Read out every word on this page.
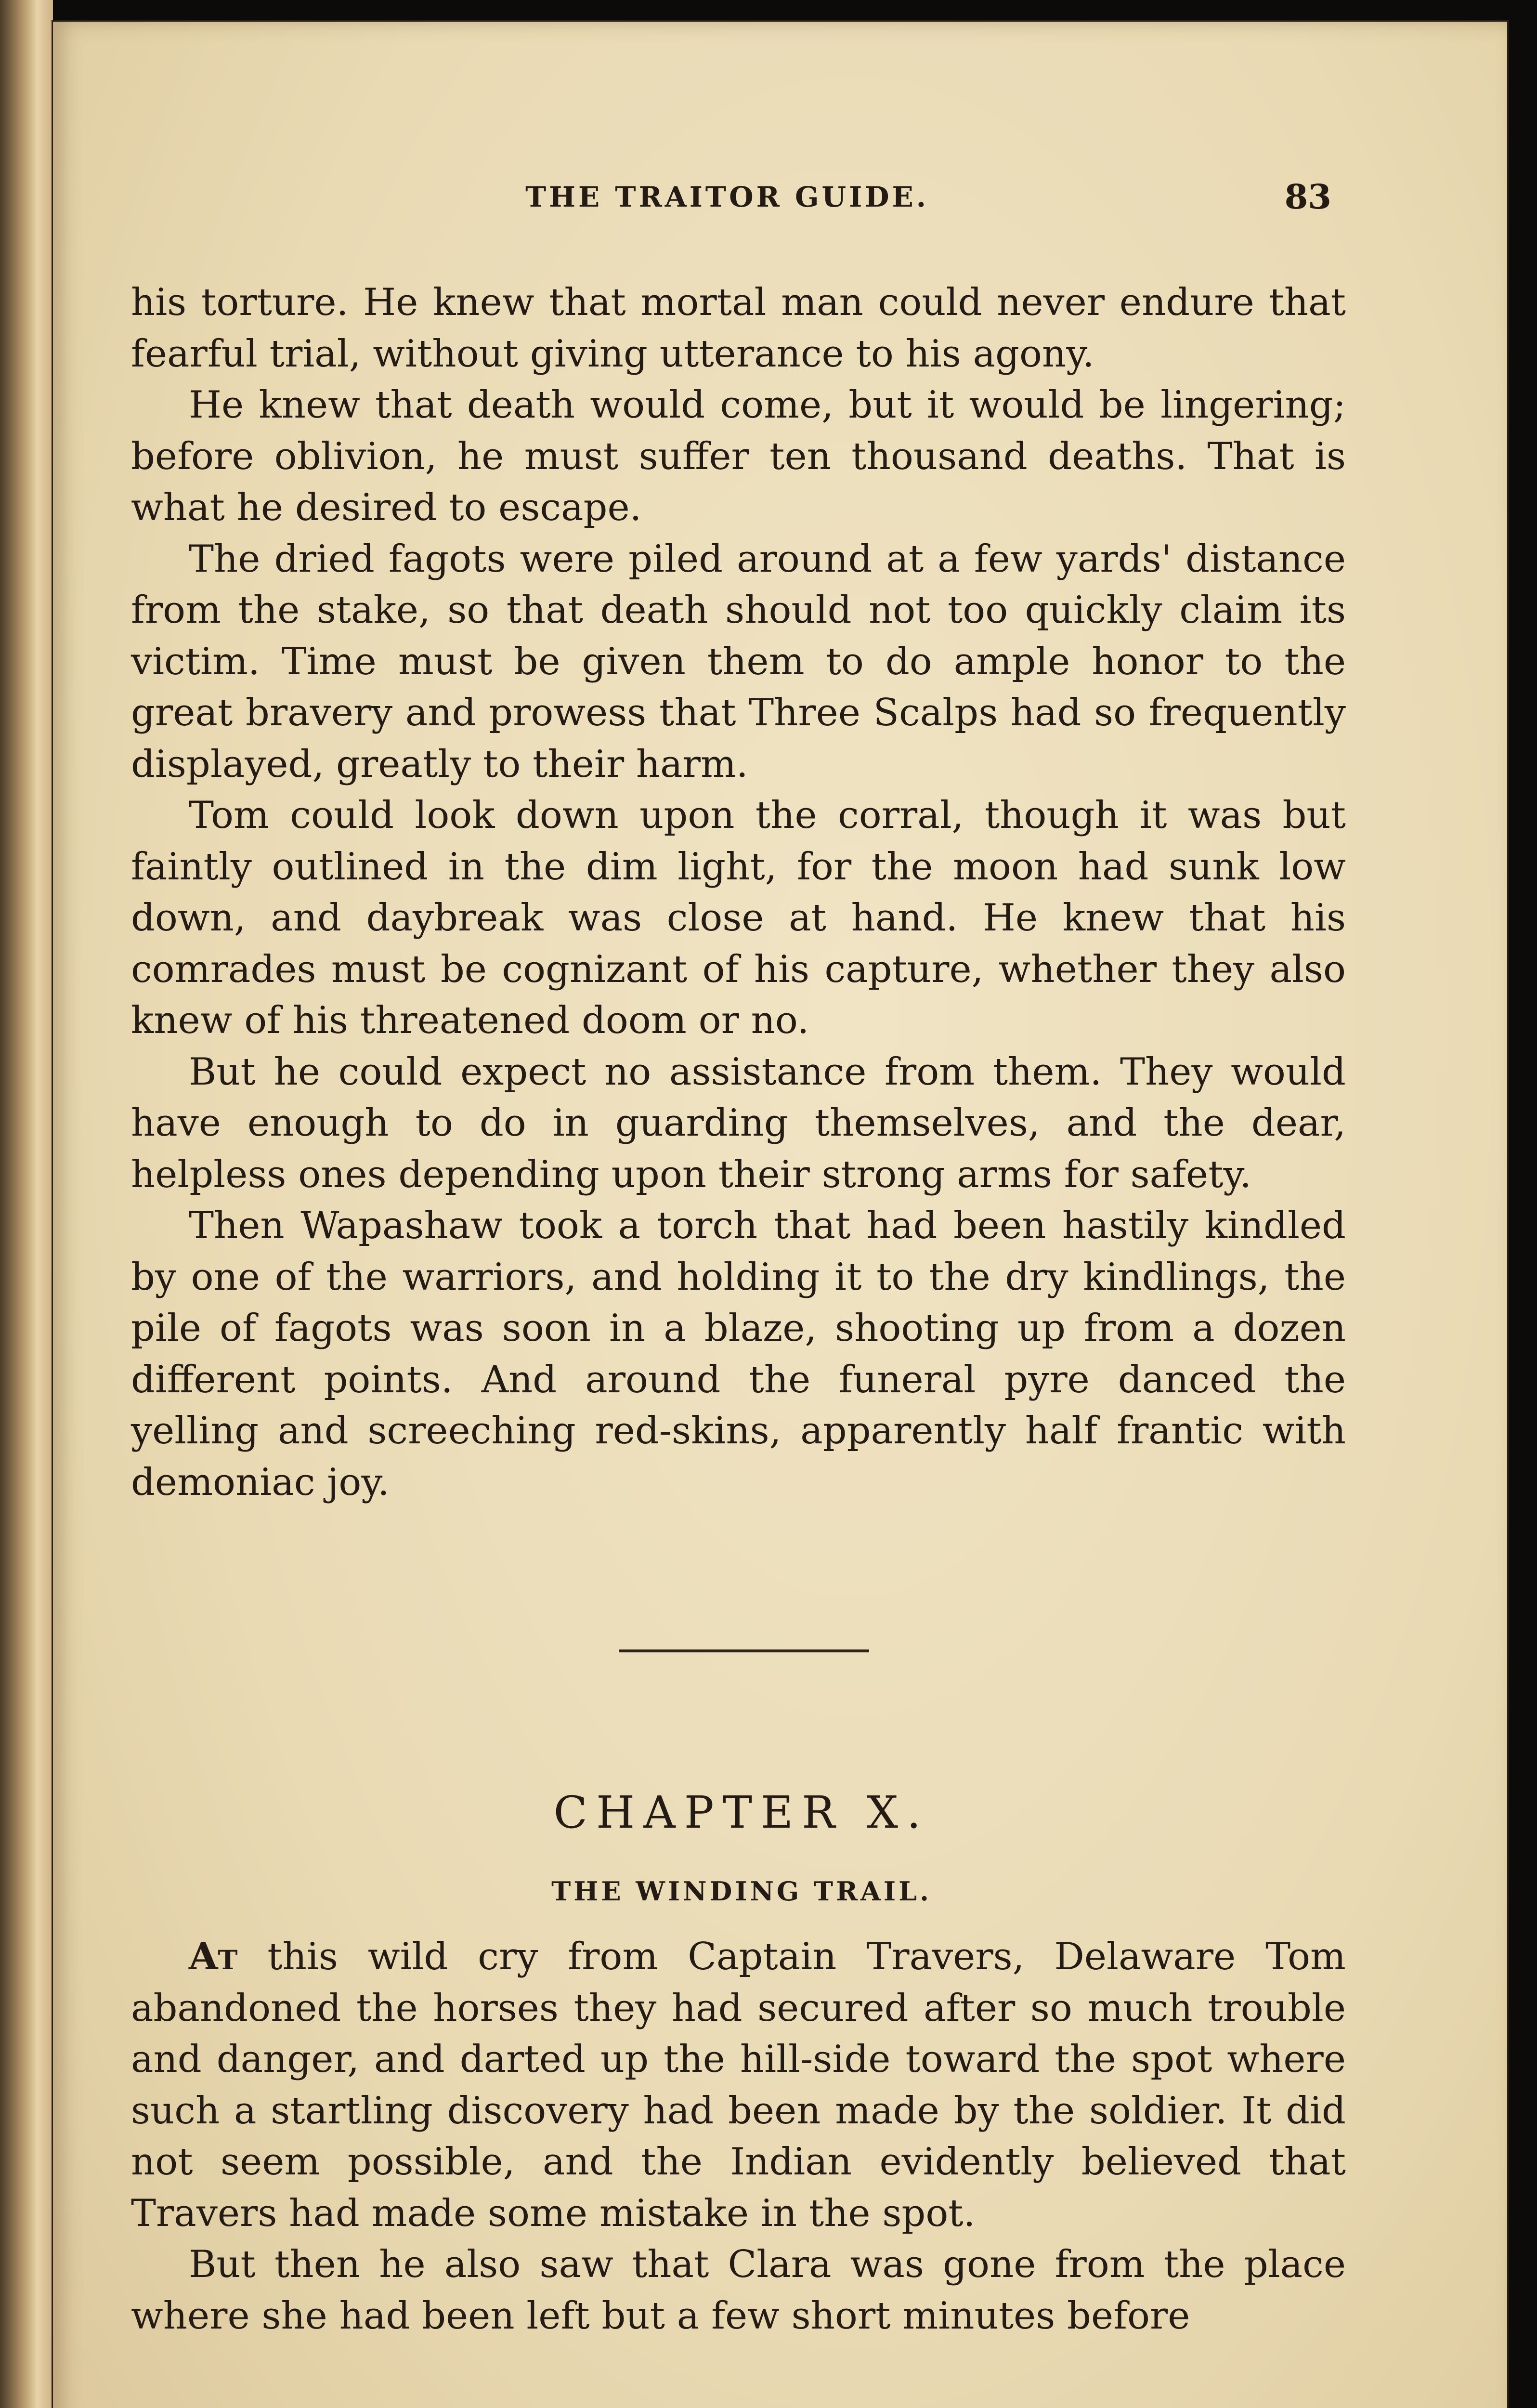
THE TRAITOR GUIDE.	83

his torture. He knew that mortal man could never endure that fearful trial, without giving utterance to his agony.

He knew that death would come, but it would be lingering; before oblivion, he must suffer ten thousand deaths. That is what he desired to escape.

The dried fagots were piled around at a few yards' distance from the stake, so that death should not too quickly claim its victim. Time must be given them to do ample honor to the great bravery and prowess that Three Scalps had so frequently displayed, greatly to their harm.

Tom could look down upon the corral, though it was but faintly outlined in the dim light, for the moon had sunk low down, and daybreak was close at hand. He knew that his comrades must be cognizant of his capture, whether they also knew of his threatened doom or no.

But he could expect no assistance from them. They would have enough to do in guarding themselves, and the dear, helpless ones depending upon their strong arms for safety.

Then Wapashaw took a torch that had been hastily kindled by one of the warriors, and holding it to the dry kindlings, the pile of fagots was soon in a blaze, shooting up from a dozen different points. And around the funeral pyre danced the yelling and screeching red-skins, apparently half frantic with demoniac joy.

CHAPTER X.
THE WINDING TRAIL.

At this wild cry from Captain Travers, Delaware Tom abandoned the horses they had secured after so much trouble and danger, and darted up the hill-side toward the spot where such a startling discovery had been made by the soldier. It did not seem possible, and the Indian evidently believed that Travers had made some mistake in the spot.

But then he also saw that Clara was gone from the place where she had been left but a few short minutes before
